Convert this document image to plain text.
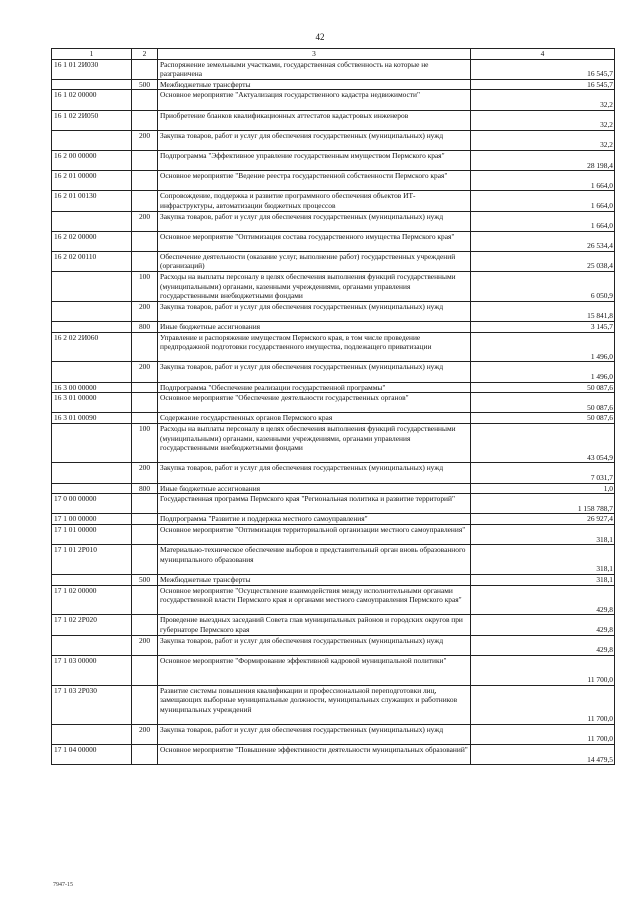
42
1	2	3	4
16 1 01 2И030		Распоряжение земельными участками, государственная собственность на которые не разграничена	16 545,7
	500	Межбюджетные трансферты	16 545,7
16 1 02 00000		Основное мероприятие "Актуализация государственного кадастра недвижимости"	32,2
16 1 02 2И050		Приобретение бланков квалификационных аттестатов кадастровых инженеров	32,2
	200	Закупка товаров, работ и услуг для обеспечения государственных (муниципальных) нужд	32,2
16 2 00 00000		Подпрограмма "Эффективное управление государственным имуществом Пермского края"	28 198,4
16 2 01 00000		Основное мероприятие "Ведение реестра государственной собственности Пермского края"	1 664,0
16 2 01 00130		Сопровождение, поддержка и развитие программного обеспечения объектов ИТ-инфраструктуры, автоматизации бюджетных процессов	1 664,0
	200	Закупка товаров, работ и услуг для обеспечения государственных (муниципальных) нужд	1 664,0
16 2 02 00000		Основное мероприятие "Оптимизация состава государственного имущества Пермского края"	26 534,4
16 2 02 00110		Обеспечение деятельности (оказание услуг, выполнение работ) государственных учреждений (организаций)	25 038,4
	100	Расходы на выплаты персоналу в целях обеспечения выполнения функций государственными (муниципальными) органами, казенными учреждениями, органами управления государственными внебюджетными фондами	6 050,9
	200	Закупка товаров, работ и услуг для обеспечения государственных (муниципальных) нужд	15 841,8
	800	Иные бюджетные ассигнования	3 145,7
16 2 02 2И060		Управление и распоряжение имуществом Пермского края, в том числе проведение предпродажной подготовки государственного имущества, подлежащего приватизации	1 496,0
	200	Закупка товаров, работ и услуг для обеспечения государственных (муниципальных) нужд	1 496,0
16 3 00 00000		Подпрограмма "Обеспечение реализации государственной программы"	50 087,6
16 3 01 00000		Основное мероприятие "Обеспечение деятельности государственных органов"	50 087,6
16 3 01 00090		Содержание государственных органов Пермского края	50 087,6
	100	Расходы на выплаты персоналу в целях обеспечения выполнения функций государственными (муниципальными) органами, казенными учреждениями, органами управления государственными внебюджетными фондами	43 054,9
	200	Закупка товаров, работ и услуг для обеспечения государственных (муниципальных) нужд	7 031,7
	800	Иные бюджетные ассигнования	1,0
17 0 00 00000		Государственная программа Пермского края "Региональная политика и развитие территорий"	1 158 788,7
17 1 00 00000		Подпрограмма "Развитие и поддержка местного самоуправления"	26 927,4
17 1 01 00000		Основное мероприятие "Оптимизация территориальной организации местного самоуправления"	318,1
17 1 01 2Р010		Материально-техническое обеспечение выборов в представительный орган вновь образованного муниципального образования	318,1
	500	Межбюджетные трансферты	318,1
17 1 02 00000		Основное мероприятие "Осуществление взаимодействия между исполнительными органами государственной власти Пермского края и органами местного самоуправления Пермского края"	429,8
17 1 02 2Р020		Проведение выездных заседаний Совета глав муниципальных районов и городских округов при губернаторе Пермского края	429,8
	200	Закупка товаров, работ и услуг для обеспечения государственных (муниципальных) нужд	429,8
17 1 03 00000		Основное мероприятие "Формирование эффективной кадровой муниципальной политики"	11 700,0
17 1 03 2Р030		Развитие системы повышения квалификации и профессиональной переподготовки лиц, замещающих выборные муниципальные должности, муниципальных служащих и работников муниципальных учреждений	11 700,0
	200	Закупка товаров, работ и услуг для обеспечения государственных (муниципальных) нужд	11 700,0
17 1 04 00000		Основное мероприятие "Повышение эффективности деятельности муниципальных образований"	14 479,5
7947-15
